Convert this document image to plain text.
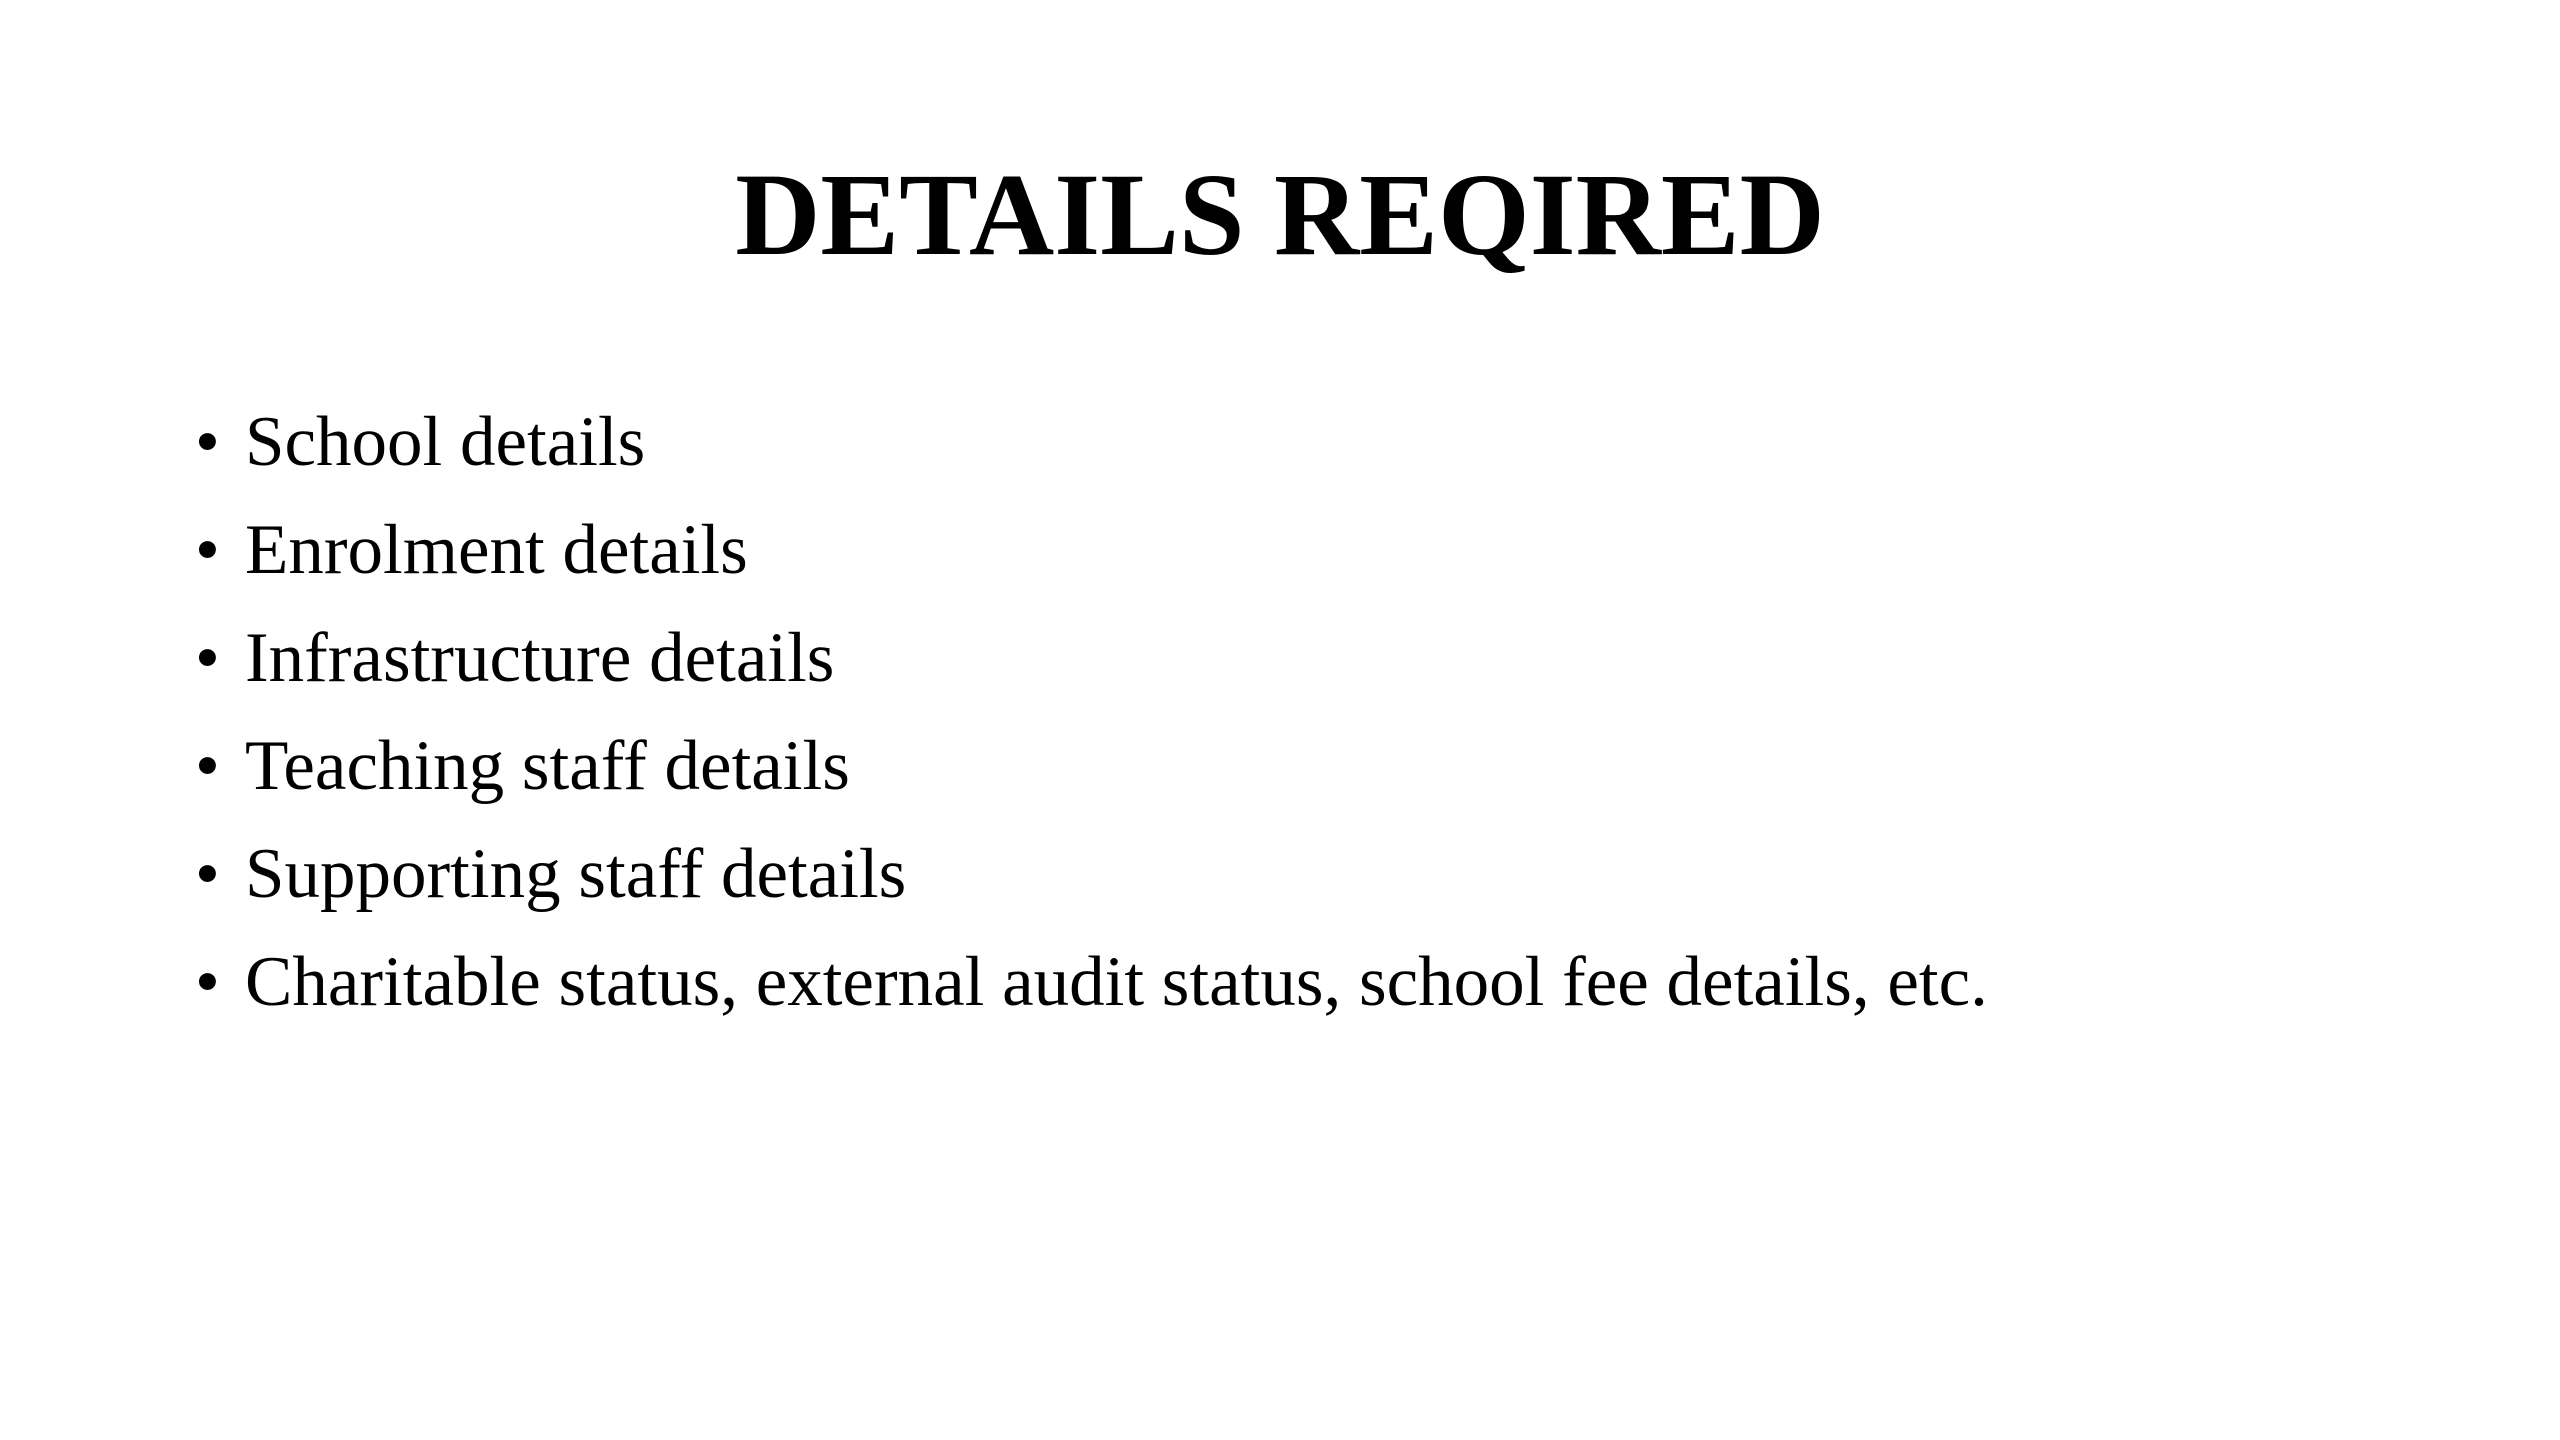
DETAILS REQIRED
• School details
• Enrolment details
• Infrastructure details
• Teaching staff details
• Supporting staff details
• Charitable status, external audit status, school fee details, etc.
